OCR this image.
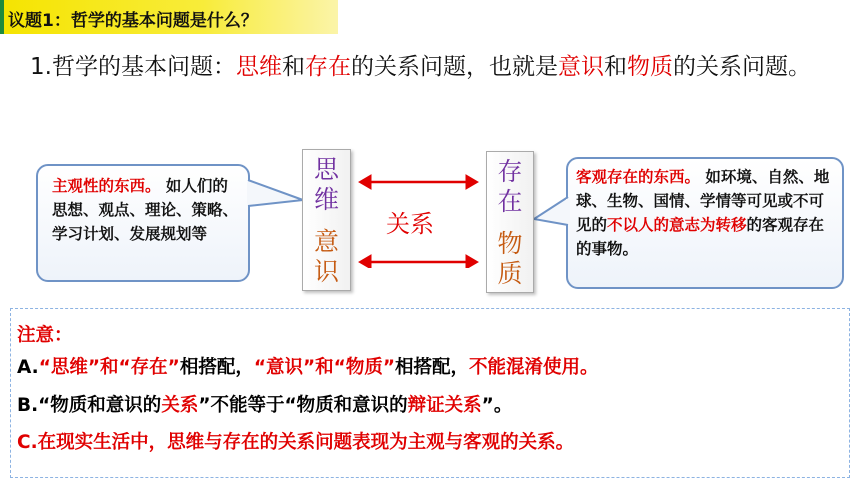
议题1：哲学的基本问题是什么？
1.哲学的基本问题：思维和存在的关系问题，也就是意识和物质的关系问题。
主观性的东西。 如人们的思想、观点、理论、策略、学习计划、发展规划等
客观存在的东西。 如环境、自然、地球、生物、国情、学情等可见或不可见的不以人的意志为转移的客观存在的事物。
思
维
意
识
存
在
物
质
关系
注意：
A.“思维”和“存在”相搭配，“意识”和“物质”相搭配，不能混淆使用。
B.“物质和意识的关系”不能等于“物质和意识的辩证关系”。
C.在现实生活中，思维与存在的关系问题表现为主观与客观的关系。
